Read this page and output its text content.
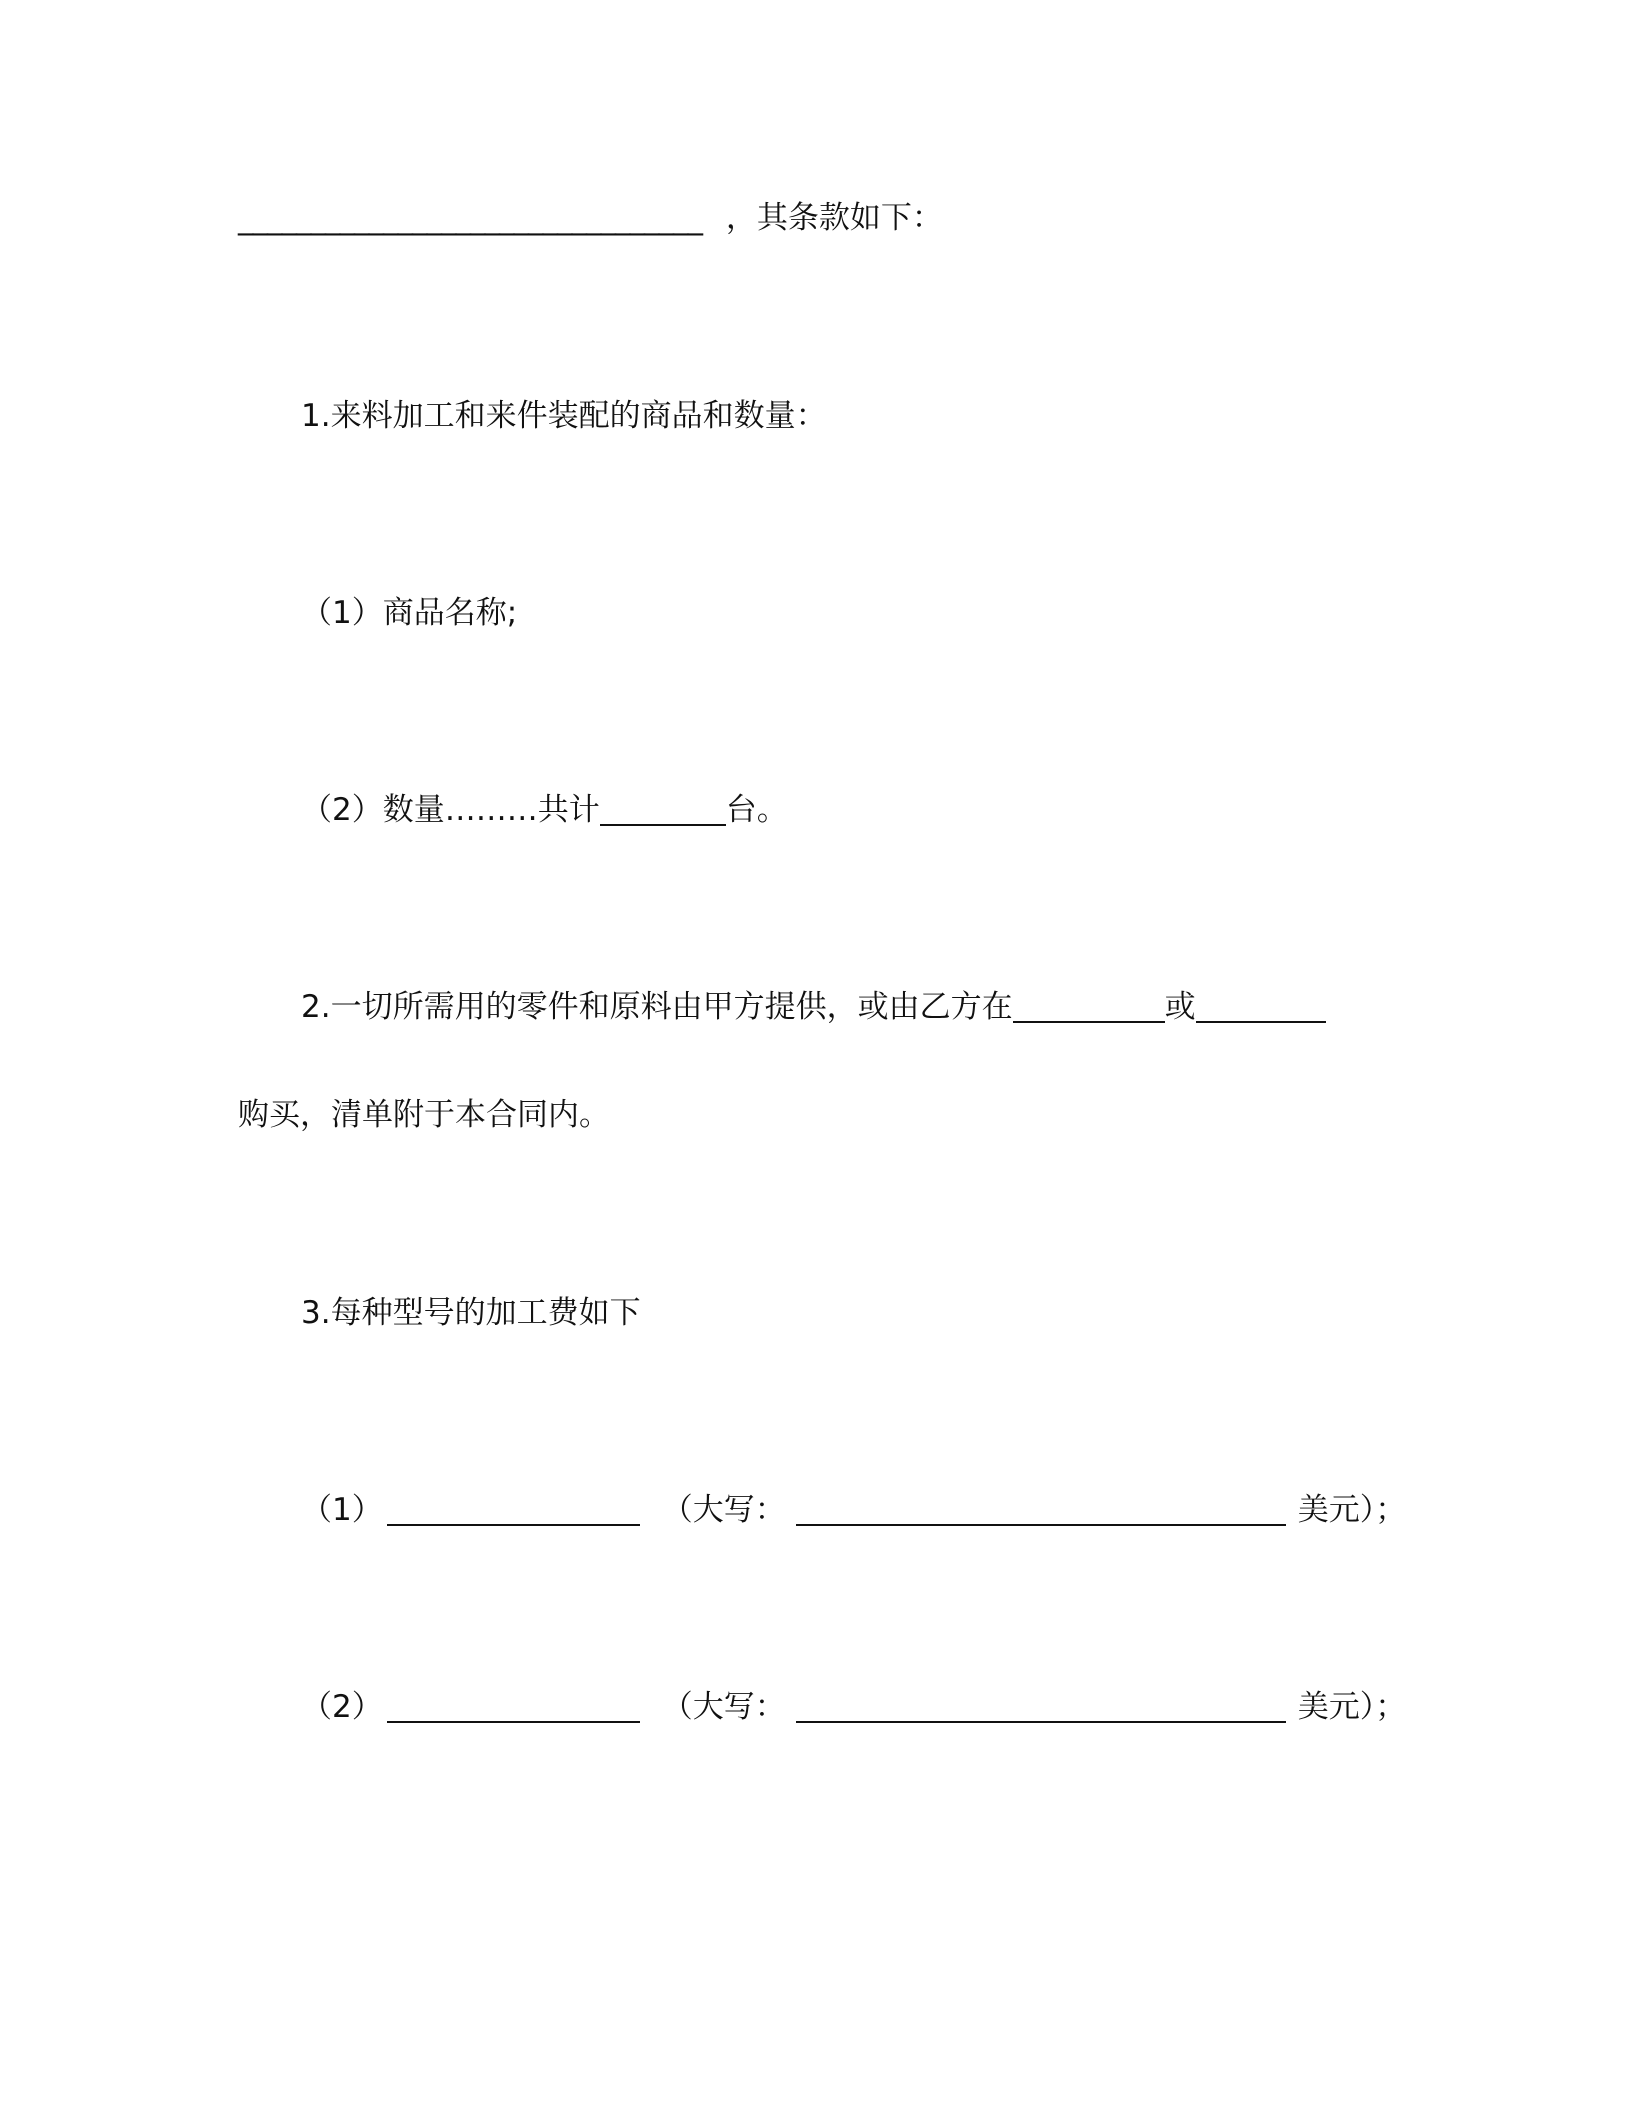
________________________________ ，其条款如下：
1.来料加工和来件装配的商品和数量：
（1）商品名称;
（2）数量………共计	台。
2.一切所需用的零件和原料由甲方提供，或由乙方在	或
购买，清单附于本合同内。
3.每种型号的加工费如下
（1）	（大写：	美元）；
（2）	（大写：	美元）；
